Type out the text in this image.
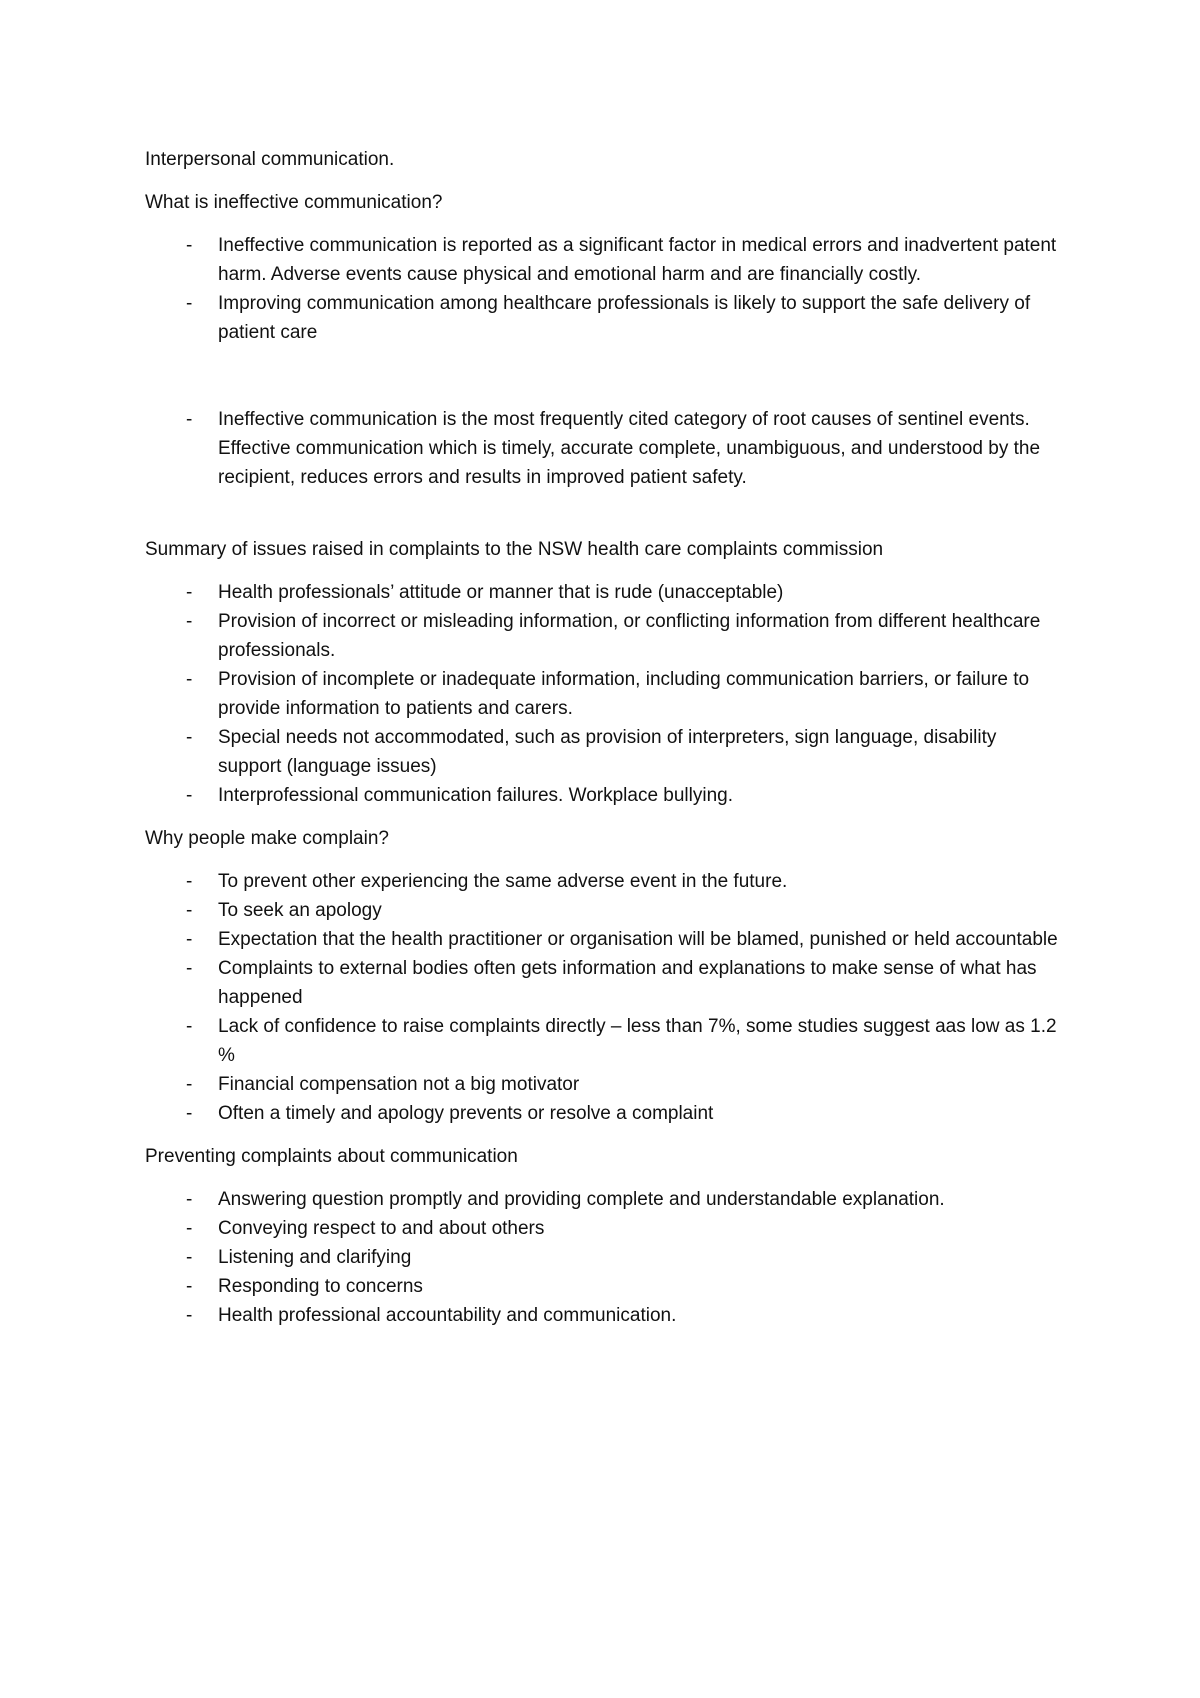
Interpersonal communication.

What is ineffective communication?

- Ineffective communication is reported as a significant factor in medical errors and inadvertent patent harm. Adverse events cause physical and emotional harm and are financially costly.
- Improving communication among healthcare professionals is likely to support the safe delivery of patient care
- Ineffective communication is the most frequently cited category of root causes of sentinel events. Effective communication which is timely, accurate complete, unambiguous, and understood by the recipient, reduces errors and results in improved patient safety.

Summary of issues raised in complaints to the NSW health care complaints commission

- Health professionals’ attitude or manner that is rude (unacceptable)
- Provision of incorrect or misleading information, or conflicting information from different healthcare professionals.
- Provision of incomplete or inadequate information, including communication barriers, or failure to provide information to patients and carers.
- Special needs not accommodated, such as provision of interpreters, sign language, disability support (language issues)
- Interprofessional communication failures. Workplace bullying.

Why people make complain?

- To prevent other experiencing the same adverse event in the future.
- To seek an apology
- Expectation that the health practitioner or organisation will be blamed, punished or held accountable
- Complaints to external bodies often gets information and explanations to make sense of what has happened
- Lack of confidence to raise complaints directly – less than 7%, some studies suggest aas low as 1.2 %
- Financial compensation not a big motivator
- Often a timely and apology prevents or resolve a complaint

Preventing complaints about communication

- Answering question promptly and providing complete and understandable explanation.
- Conveying respect to and about others
- Listening and clarifying
- Responding to concerns
- Health professional accountability and communication.
